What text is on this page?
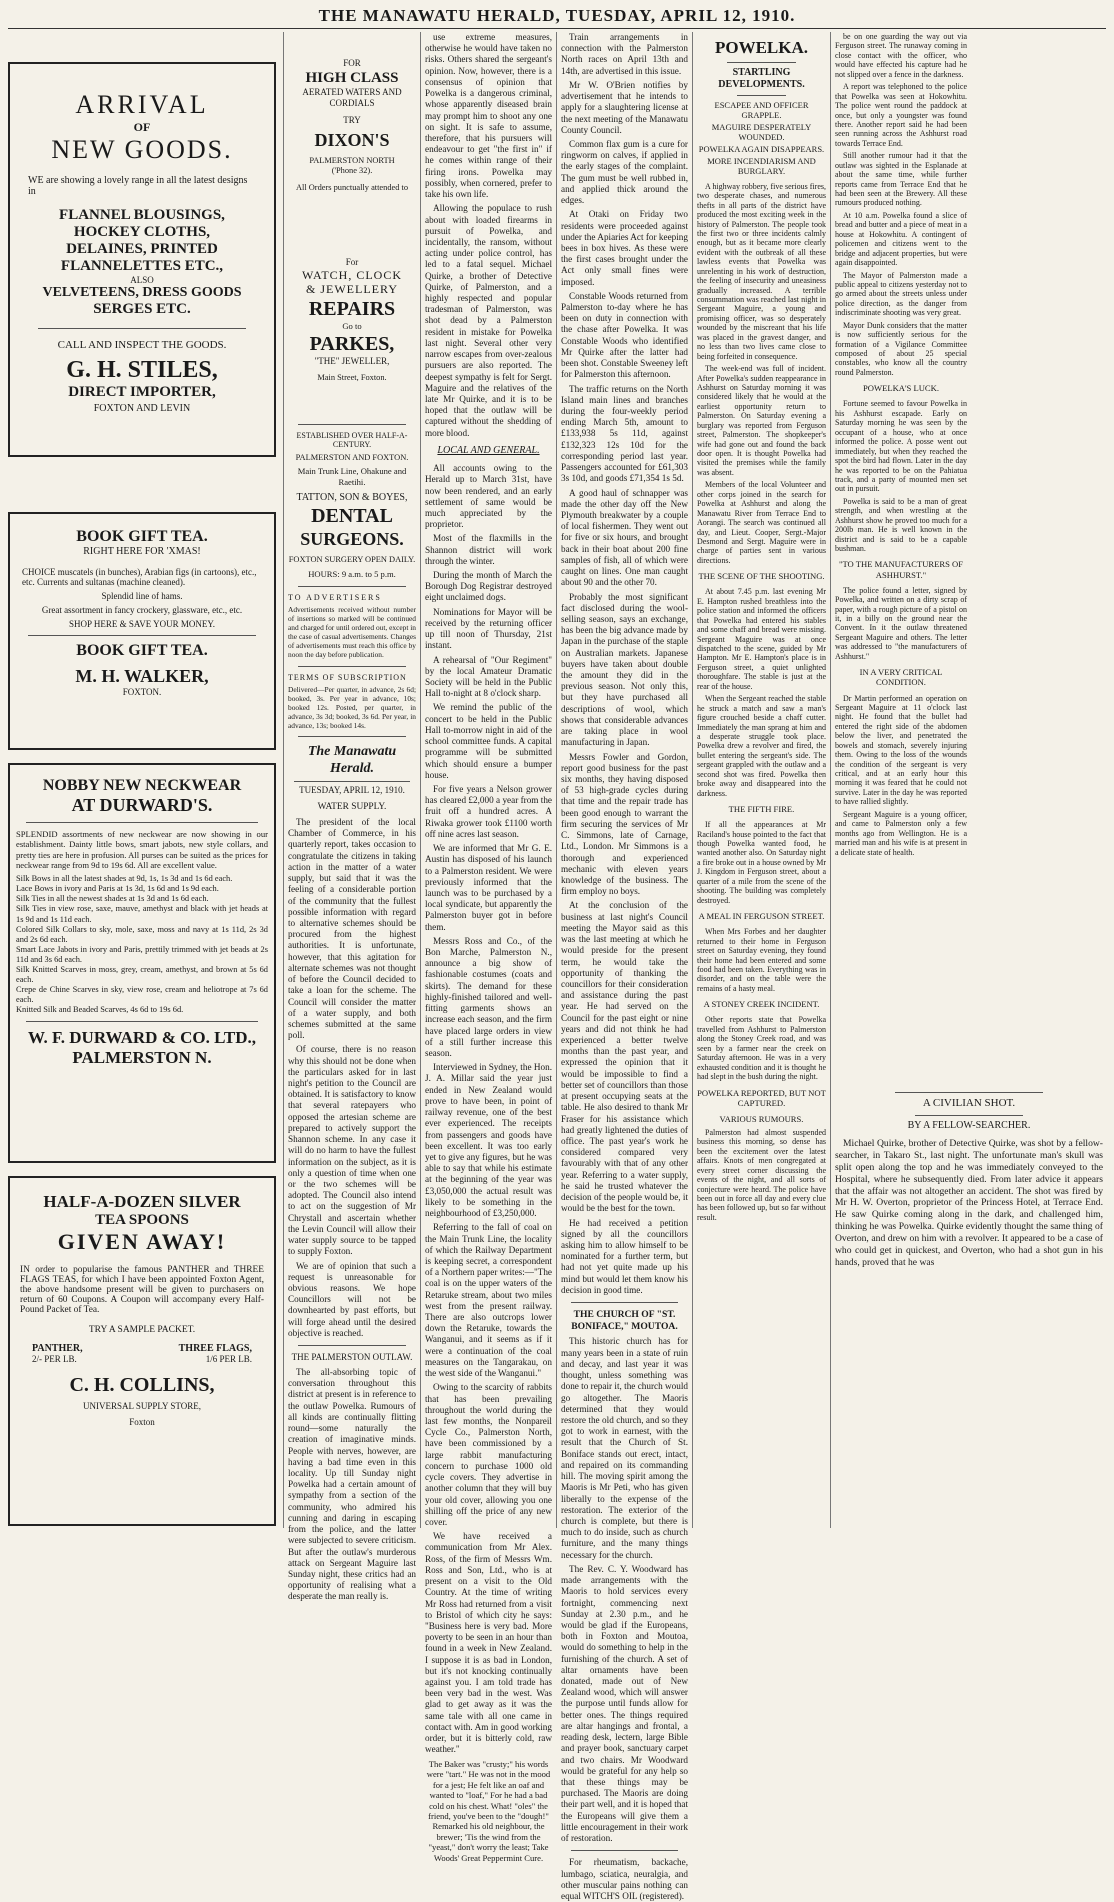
THE MANAWATU HERALD, TUESDAY, APRIL 12, 1910.
ARRIVAL
OF
NEW GOODS.
WE are showing a lovely range in all the latest designs in
FLANNEL BLOUSINGS,
HOCKEY CLOTHS,
DELAINES, PRINTED
FLANNELETTES ETC.,
ALSO
VELVETEENS, DRESS GOODS
SERGES ETC.
CALL AND INSPECT THE GOODS.
G. H. STILES,
DIRECT IMPORTER,
FOXTON AND LEVIN
BOOK GIFT TEA.
RIGHT HERE FOR 'XMAS!
CHOICE muscatels (in bunches), Arabian figs (in cartoons), etc., etc. Currents and sultanas (machine cleaned).
Splendid line of hams.
Great assortment in fancy crockery, glassware, etc., etc.
SHOP HERE & SAVE YOUR MONEY.
BOOK GIFT TEA.
M. H. WALKER,
FOXTON.
NOBBY NEW NECKWEAR
AT DURWARD'S.
SPLENDID assortments of new neckwear are now showing in our establishment. Dainty little bows, smart jabots, new style collars, and pretty ties are here in profusion. All purses can be suited as the prices for neckwear range from 9d to 19s 6d. All are excellent value.
Silk Bows in all the latest shades at 9d, 1s, 1s 3d and 1s 6d each.
Lace Bows in ivory and Paris at 1s 3d, 1s 6d and 1s 9d each.
Silk Ties in all the newest shades at 1s 3d and 1s 6d each.
Silk Ties in view rose, saxe, mauve, amethyst and black with jet heads at 1s 9d and 1s 11d each.
Colored Silk Collars to sky, mole, saxe, moss and navy at 1s 11d, 2s 3d and 2s 6d each.
Smart Lace Jabots in ivory and Paris, prettily trimmed with jet beads at 2s 11d and 3s 6d each.
Silk Knitted Scarves in moss, grey, cream, amethyst, and brown at 5s 6d each.
Crepe de Chine Scarves in sky, view rose, cream and heliotrope at 7s 6d each.
Knitted Silk and Beaded Scarves, 4s 6d to 19s 6d.
W. F. DURWARD & CO. LTD.,
PALMERSTON N.
HALF-A-DOZEN SILVER
TEA SPOONS
GIVEN AWAY!
IN order to popularise the famous PANTHER and THREE FLAGS TEAS, for which I have been appointed Foxton Agent, the above handsome present will be given to purchasers on return of 60 Coupons. A Coupon will accompany every Half-Pound Packet of Tea.
TRY A SAMPLE PACKET.
PANTHER,	THREE FLAGS,
2/- PER LB.	1/6 PER LB.
C. H. COLLINS,
UNIVERSAL SUPPLY STORE,
Foxton
FOR
HIGH CLASS
AERATED WATERS AND
CORDIALS
TRY
DIXON'S
PALMERSTON NORTH
('Phone 32).
All Orders punctually attended to
For
WATCH, CLOCK
& JEWELLERY
REPAIRS
Go to
PARKES,
"THE" JEWELLER,
Main Street, Foxton.
ESTABLISHED OVER HALF-A-CENTURY.
PALMERSTON AND FOXTON.
Main Trunk Line, Ohakune and Raetihi.
TATTON, SON & BOYES,
DENTAL
SURGEONS.
FOXTON SURGERY OPEN DAILY.
HOURS: 9 a.m. to 5 p.m.
TO ADVERTISERS
Advertisements received without number of insertions so marked will be continued and charged for until ordered out, except in the case of casual advertisements. Changes of advertisements must reach this office by noon the day before publication.
TERMS OF SUBSCRIPTION
Delivered—Per quarter, in advance, 2s 6d; booked, 3s. Per year in advance, 10s; booked 12s. Posted, per quarter, in advance, 3s 3d; booked, 3s 6d. Per year, in advance, 13s; booked 14s.
The Manawatu Herald.
TUESDAY, APRIL 12, 1910.
WATER SUPPLY.

The president of the local Chamber of Commerce, in his quarterly report, takes occasion to congratulate the citizens in taking action in the matter of a water supply, but said that it was the feeling of a considerable portion of the community that the fullest possible information with regard to alternative schemes should be procured from the highest authorities. It is unfortunate, however, that this agitation for alternate schemes was not thought of before the Council decided to take a loan for the scheme. The Council will consider the matter of a water supply, and both schemes submitted at the same poll.

Of course, there is no reason why this should not be done when the particulars asked for in last night's petition to the Council are obtained. It is satisfactory to know that several ratepayers who opposed the artesian scheme are prepared to actively support the Shannon scheme. In any case it will do no harm to have the fullest information on the subject, as it is only a question of time when one or the two schemes will be adopted. The Council also intend to act on the suggestion of Mr Chrystall and ascertain whether the Levin Council will allow their water supply source to be tapped to supply Foxton.

We are of opinion that such a request is unreasonable for obvious reasons. We hope Councillors will not be downhearted by past efforts, but will forge ahead until the desired objective is reached.

THE PALMERSTON OUTLAW.

The all-absorbing topic of conversation throughout this district at present is in reference to the outlaw Powelka. Rumours of all kinds are continually flitting round—some naturally the creation of imaginative minds. People with nerves, however, are having a bad time even in this locality. Up till Sunday night Powelka had a certain amount of sympathy from a section of the community, who admired his cunning and daring in escaping from the police, and the latter were subjected to severe criticism. But after the outlaw's murderous attack on Sergeant Maguire last Sunday night, these critics had an opportunity of realising what a desperate the man really is.

use extreme measures, otherwise he would have taken no risks. Others shared the sergeant's opinion. Now, however, there is a consensus of opinion that Powelka is a dangerous criminal, whose apparently diseased brain may prompt him to shoot any one on sight. It is safe to assume, therefore, that his pursuers will endeavour to get "the first in" if he comes within range of their firing irons. Powelka may possibly, when cornered, prefer to take his own life.

Allowing the populace to rush about with loaded firearms in pursuit of Powelka, and incidentally, the ransom, without acting under police control, has led to a fatal sequel. Michael Quirke, a brother of Detective Quirke, of Palmerston, and a highly respected and popular tradesman of Palmerston, was shot dead by a Palmerston resident in mistake for Powelka last night. Several other very narrow escapes from over-zealous pursuers are also reported. The deepest sympathy is felt for Sergt. Maguire and the relatives of the late Mr Quirke, and it is to be hoped that the outlaw will be captured without the shedding of more blood.

LOCAL AND GENERAL.

All accounts owing to the Herald up to March 31st, have now been rendered, and an early settlement of same would be much appreciated by the proprietor.

Most of the flaxmills in the Shannon district will work through the winter.

During the month of March the Borough Dog Registrar destroyed eight unclaimed dogs.

Nominations for Mayor will be received by the returning officer up till noon of Thursday, 21st instant.

A rehearsal of "Our Regiment" by the local Amateur Dramatic Society will be held in the Public Hall to-night at 8 o'clock sharp.

We remind the public of the concert to be held in the Public Hall to-morrow night in aid of the school committee funds. A capital programme will be submitted which should ensure a bumper house.

For five years a Nelson grower has cleared £2,000 a year from the fruit off a hundred acres. A Riwaka grower took £1100 worth off nine acres last season.

We are informed that Mr G. E. Austin has disposed of his launch to a Palmerston resident. We were previously informed that the launch was to be purchased by a local syndicate, but apparently the Palmerston buyer got in before them.

Messrs Ross and Co., of the Bon Marche, Palmerston N., announce a big show of fashionable costumes (coats and skirts). The demand for these highly-finished tailored and well-fitting garments shows an increase each season, and the firm have placed large orders in view of a still further increase this season.

Interviewed in Sydney, the Hon. J. A. Millar said the year just ended in New Zealand would prove to have been, in point of railway revenue, one of the best ever experienced. The receipts from passengers and goods have been excellent. It was too early yet to give any figures, but he was able to say that while his estimate at the beginning of the year was £3,050,000 the actual result was likely to be something in the neighbourhood of £3,250,000.

Referring to the fall of coal on the Main Trunk Line, the locality of which the Railway Department is keeping secret, a correspondent of a Northern paper writes:—"The coal is on the upper waters of the Retaruke stream, about two miles west from the present railway. There are also outcrops lower down the Retaruke, towards the Wanganui, and it seems as if it were a continuation of the coal measures on the Tangarakau, on the west side of the Wanganui."

Owing to the scarcity of rabbits that has been prevailing throughout the world during the last few months, the Nonpareil Cycle Co., Palmerston North, have been commissioned by a large rabbit manufacturing concern to purchase 1000 old cycle covers. They advertise in another column that they will buy your old cover, allowing you one shilling off the price of any new cover.

We have received a communication from Mr Alex. Ross, of the firm of Messrs Wm. Ross and Son, Ltd., who is at present on a visit to the Old Country. At the time of writing Mr Ross had returned from a visit to Bristol of which city he says: "Business here is very bad. More poverty to be seen in an hour than found in a week in New Zealand. I suppose it is as bad in London, but it's not knocking continually against you. I am told trade has been very bad in the west. Was glad to get away as it was the same tale with all one came in contact with. Am in good working order, but it is bitterly cold, raw weather."

The Baker was "crusty;" his words were "tart." He was not in the mood for a jest; He felt like an oaf and wanted to "loaf," For he had a bad cold on his chest. What! "oles" the friend, you've been to the "dough!" Remarked his old neighbour, the brewer; 'Tis the wind from the "yeast," don't worry the least; Take Woods' Great Peppermint Cure.

Train arrangements in connection with the Palmerston North races on April 13th and 14th, are advertised in this issue.

Mr W. O'Brien notifies by advertisement that he intends to apply for a slaughtering license at the next meeting of the Manawatu County Council.

Common flax gum is a cure for ringworm on calves, if applied in the early stages of the complaint. The gum must be well rubbed in, and applied thick around the edges.

At Otaki on Friday two residents were proceeded against under the Apiaries Act for keeping bees in box hives. As these were the first cases brought under the Act only small fines were imposed.

Constable Woods returned from Palmerston to-day where he has been on duty in connection with the chase after Powelka. It was Constable Woods who identified Mr Quirke after the latter had been shot. Constable Sweeney left for Palmerston this afternoon.

The traffic returns on the North Island main lines and branches during the four-weekly period ending March 5th, amount to £133,938 5s 11d, against £132,323 12s 10d for the corresponding period last year. Passengers accounted for £61,303 3s 10d, and goods £71,354 1s 5d.

A good haul of schnapper was made the other day off the New Plymouth breakwater by a couple of local fishermen. They went out for five or six hours, and brought back in their boat about 200 fine samples of fish, all of which were caught on lines. One man caught about 90 and the other 70.

Probably the most significant fact disclosed during the wool-selling season, says an exchange, has been the big advance made by Japan in the purchase of the staple on Australian markets. Japanese buyers have taken about double the amount they did in the previous season. Not only this, but they have purchased all descriptions of wool, which shows that considerable advances are taking place in wool manufacturing in Japan.

Messrs Fowler and Gordon, report good business for the past six months, they having disposed of 53 high-grade cycles during that time and the repair trade has been good enough to warrant the firm securing the services of Mr C. Simmons, late of Carnage, Ltd., London. Mr Simmons is a thorough and experienced mechanic with eleven years knowledge of the business. The firm employ no boys.

At the conclusion of the business at last night's Council meeting the Mayor said as this was the last meeting at which he would preside for the present term, he would take the opportunity of thanking the councillors for their consideration and assistance during the past year. He had served on the Council for the past eight or nine years and did not think he had experienced a better twelve months than the past year, and expressed the opinion that it would be impossible to find a better set of councillors than those at present occupying seats at the table. He also desired to thank Mr Fraser for his assistance which had greatly lightened the duties of office. The past year's work he considered compared very favourably with that of any other year. Referring to a water supply, he said he trusted whatever the decision of the people would be, it would be the best for the town.

He had received a petition signed by all the councillors asking him to allow himself to be nominated for a further term, but had not yet quite made up his mind but would let them know his decision in good time.

THE CHURCH OF "ST. BONIFACE," MOUTOA.

This historic church has for many years been in a state of ruin and decay, and last year it was thought, unless something was done to repair it, the church would go altogether. The Maoris determined that they would restore the old church, and so they got to work in earnest, with the result that the Church of St. Boniface stands out erect, intact, and repaired on its commanding hill. The moving spirit among the Maoris is Mr Peti, who has given liberally to the expense of the restoration. The exterior of the church is complete, but there is much to do inside, such as church furniture, and the many things necessary for the church.

The Rev. C. Y. Woodward has made arrangements with the Maoris to hold services every fortnight, commencing next Sunday at 2.30 p.m., and he would be glad if the Europeans, both in Foxton and Moutoa, would do something to help in the furnishing of the church. A set of altar ornaments have been donated, made out of New Zealand wood, which will answer the purpose until funds allow for better ones. The things required are altar hangings and frontal, a reading desk, lectern, large Bible and prayer book, sanctuary carpet and two chairs. Mr Woodward would be grateful for any help so that these things may be purchased. The Maoris are doing their part well, and it is hoped that the Europeans will give them a little encouragement in their work of restoration.

For rheumatism, backache, lumbago, sciatica, neuralgia, and other muscular pains nothing can equal WITCH'S OIL (registered).

POWELKA.
STARTLING DEVELOPMENTS.
ESCAPEE AND OFFICER GRAPPLE.
MAGUIRE DESPERATELY WOUNDED.
POWELKA AGAIN DISAPPEARS.
MORE INCENDIARISM AND BURGLARY.

A highway robbery, five serious fires, two desperate chases, and numerous thefts in all parts of the district have produced the most exciting week in the history of Palmerston. The people took the first two or three incidents calmly enough, but as it became more clearly evident with the outbreak of all these lawless events that Powelka was unrelenting in his work of destruction, the feeling of insecurity and uneasiness gradually increased. A terrible consummation was reached last night in Sergeant Maguire, a young and promising officer, was so desperately wounded by the miscreant that his life was placed in the gravest danger, and no less than two lives came close to being forfeited in consequence.

The week-end was full of incident. After Powelka's sudden reappearance in Ashhurst on Saturday morning it was considered likely that he would at the earliest opportunity return to Palmerston. On Saturday evening a burglary was reported from Ferguson street, Palmerston. The shopkeeper's wife had gone out and found the back door open. It is thought Powelka had visited the premises while the family was absent.

Members of the local Volunteer and other corps joined in the search for Powelka at Ashhurst and along the Manawatu River from Terrace End to Aorangi. The search was continued all day, and Lieut. Cooper, Sergt.-Major Desmond and Sergt. Maguire were in charge of parties sent in various directions.

THE SCENE OF THE SHOOTING.

At about 7.45 p.m. last evening Mr E. Hampton rushed breathless into the police station and informed the officers that Powelka had entered his stables and some chaff and bread were missing. Sergeant Maguire was at once dispatched to the scene, guided by Mr Hampton. Mr E. Hampton's place is in Ferguson street, a quiet unlighted thoroughfare. The stable is just at the rear of the house.

When the Sergeant reached the stable he struck a match and saw a man's figure crouched beside a chaff cutter. Immediately the man sprang at him and a desperate struggle took place. Powelka drew a revolver and fired, the bullet entering the sergeant's side. The sergeant grappled with the outlaw and a second shot was fired. Powelka then broke away and disappeared into the darkness.

THE FIFTH FIRE.

If all the appearances at Mr Raciland's house pointed to the fact that though Powelka wanted food, he wanted another also. On Saturday night a fire broke out in a house owned by Mr J. Kingdom in Ferguson street, about a quarter of a mile from the scene of the shooting. The building was completely destroyed.

A MEAL IN FERGUSON STREET.

When Mrs Forbes and her daughter returned to their home in Ferguson street on Saturday evening, they found their home had been entered and some food had been taken. Everything was in disorder, and on the table were the remains of a hasty meal.

A STONEY CREEK INCIDENT.

Other reports state that Powelka travelled from Ashhurst to Palmerston along the Stoney Creek road, and was seen by a farmer near the creek on Saturday afternoon. He was in a very exhausted condition and it is thought he had slept in the bush during the night.

POWELKA REPORTED, BUT NOT CAPTURED.
VARIOUS RUMOURS.

Palmerston had almost suspended business this morning, so dense has been the excitement over the latest affairs. Knots of men congregated at every street corner discussing the events of the night, and all sorts of conjecture were heard. The police have been out in force all day and every clue has been followed up, but so far without result.

be on one guarding the way out via Ferguson street. The runaway coming in close contact with the officer, who would have effected his capture had he not slipped over a fence in the darkness.

A report was telephoned to the police that Powelka was seen at Hokowhitu. The police went round the paddock at once, but only a youngster was found there. Another report said he had been seen running across the Ashhurst road towards Terrace End.

Still another rumour had it that the outlaw was sighted in the Esplanade at about the same time, while further reports came from Terrace End that he had been seen at the Brewery. All these rumours produced nothing.

At 10 a.m. Powelka found a slice of bread and butter and a piece of meat in a house at Hokowhitu. A contingent of policemen and citizens went to the bridge and adjacent properties, but were again disappointed.

The Mayor of Palmerston made a public appeal to citizens yesterday not to go armed about the streets unless under police direction, as the danger from indiscriminate shooting was very great.

Mayor Dunk considers that the matter is now sufficiently serious for the formation of a Vigilance Committee composed of about 25 special constables, who know all the country round Palmerston.

POWELKA'S LUCK.

Fortune seemed to favour Powelka in his Ashhurst escapade. Early on Saturday morning he was seen by the occupant of a house, who at once informed the police. A posse went out immediately, but when they reached the spot the bird had flown. Later in the day he was reported to be on the Pahiatua track, and a party of mounted men set out in pursuit.

Powelka is said to be a man of great strength, and when wrestling at the Ashhurst show he proved too much for a 200lb man. He is well known in the district and is said to be a capable bushman.

"TO THE MANUFACTURERS OF ASHHURST."

The police found a letter, signed by Powelka, and written on a dirty scrap of paper, with a rough picture of a pistol on it, in a billy on the ground near the Convent. In it the outlaw threatened Sergeant Maguire and others. The letter was addressed to "the manufacturers of Ashhurst."

IN A VERY CRITICAL CONDITION.

Dr Martin performed an operation on Sergeant Maguire at 11 o'clock last night. He found that the bullet had entered the right side of the abdomen below the liver, and penetrated the bowels and stomach, severely injuring them. Owing to the loss of the wounds the condition of the sergeant is very critical, and at an early hour this morning it was feared that he could not survive. Later in the day he was reported to have rallied slightly.

Sergeant Maguire is a young officer, and came to Palmerston only a few months ago from Wellington. He is a married man and his wife is at present in a delicate state of health.

A CIVILIAN SHOT.
BY A FELLOW-SEARCHER.

Michael Quirke, brother of Detective Quirke, was shot by a fellow-searcher, in Takaro St., last night. The unfortunate man's skull was split open along the top and he was immediately conveyed to the Hospital, where he subsequently died. From later advice it appears that the affair was not altogether an accident. The shot was fired by Mr H. W. Overton, proprietor of the Princess Hotel, at Terrace End. He saw Quirke coming along in the dark, and challenged him, thinking he was Powelka. Quirke evidently thought the same thing of Overton, and drew on him with a revolver. It appeared to be a case of who could get in quickest, and Overton, who had a shot gun in his hands, proved that he was
